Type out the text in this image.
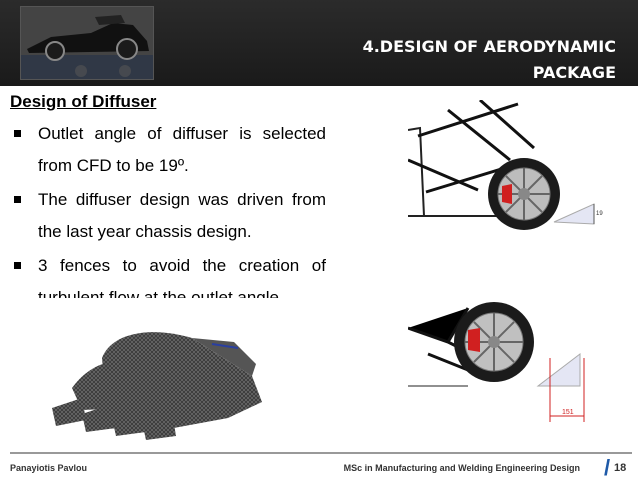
4.DESIGN OF AERODYNAMIC
PACKAGE
Design of Diffuser
Outlet angle of diffuser is selected from CFD to be 19º.
The diffuser design was driven from the last year chassis design.
3 fences to avoid the creation of
19
151
Panayiotis Pavlou	MSc in Manufacturing and Welding Engineering Design / 18
